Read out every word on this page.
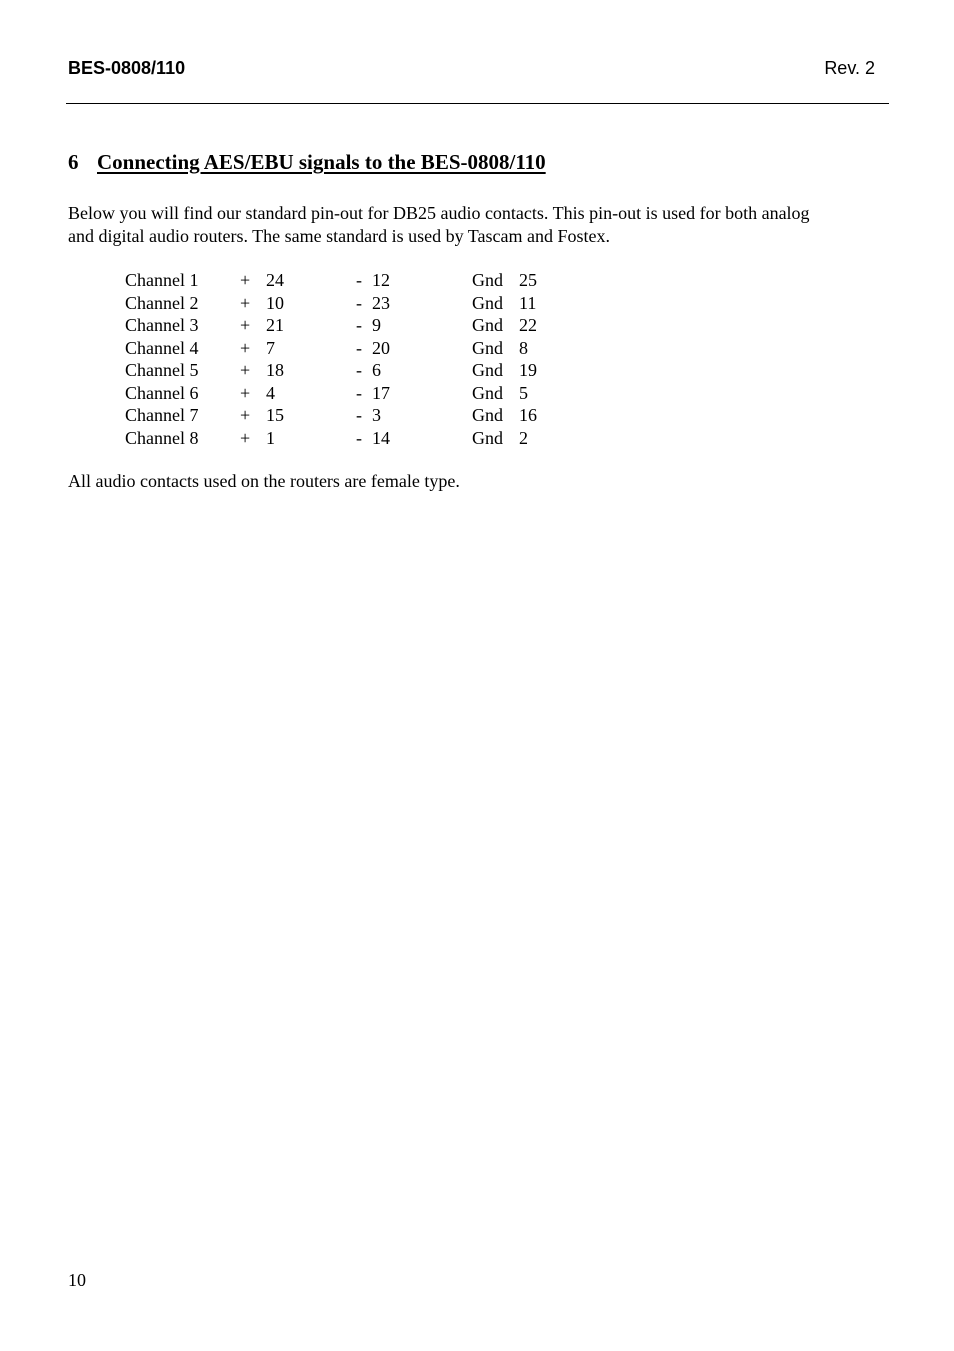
BES-0808/110	Rev. 2
6 Connecting AES/EBU signals to the BES-0808/110

Below you will find our standard pin-out for DB25 audio contacts. This pin-out is used for both analog

and digital audio routers. The same standard is used by Tascam and Fostex.

Channel 1 + 24	- 12	Gnd 25
Channel 2 + 10	- 23	Gnd 11
Channel 3 + 21	- 9	Gnd 22
Channel 4 + 7	- 20	Gnd 8
Channel 5 + 18	- 6	Gnd 19
Channel 6 + 4	- 17	Gnd 5
Channel 7 + 15	- 3	Gnd 16
Channel 8 + 1	- 14	Gnd 2
All audio contacts used on the routers are female type.
10
